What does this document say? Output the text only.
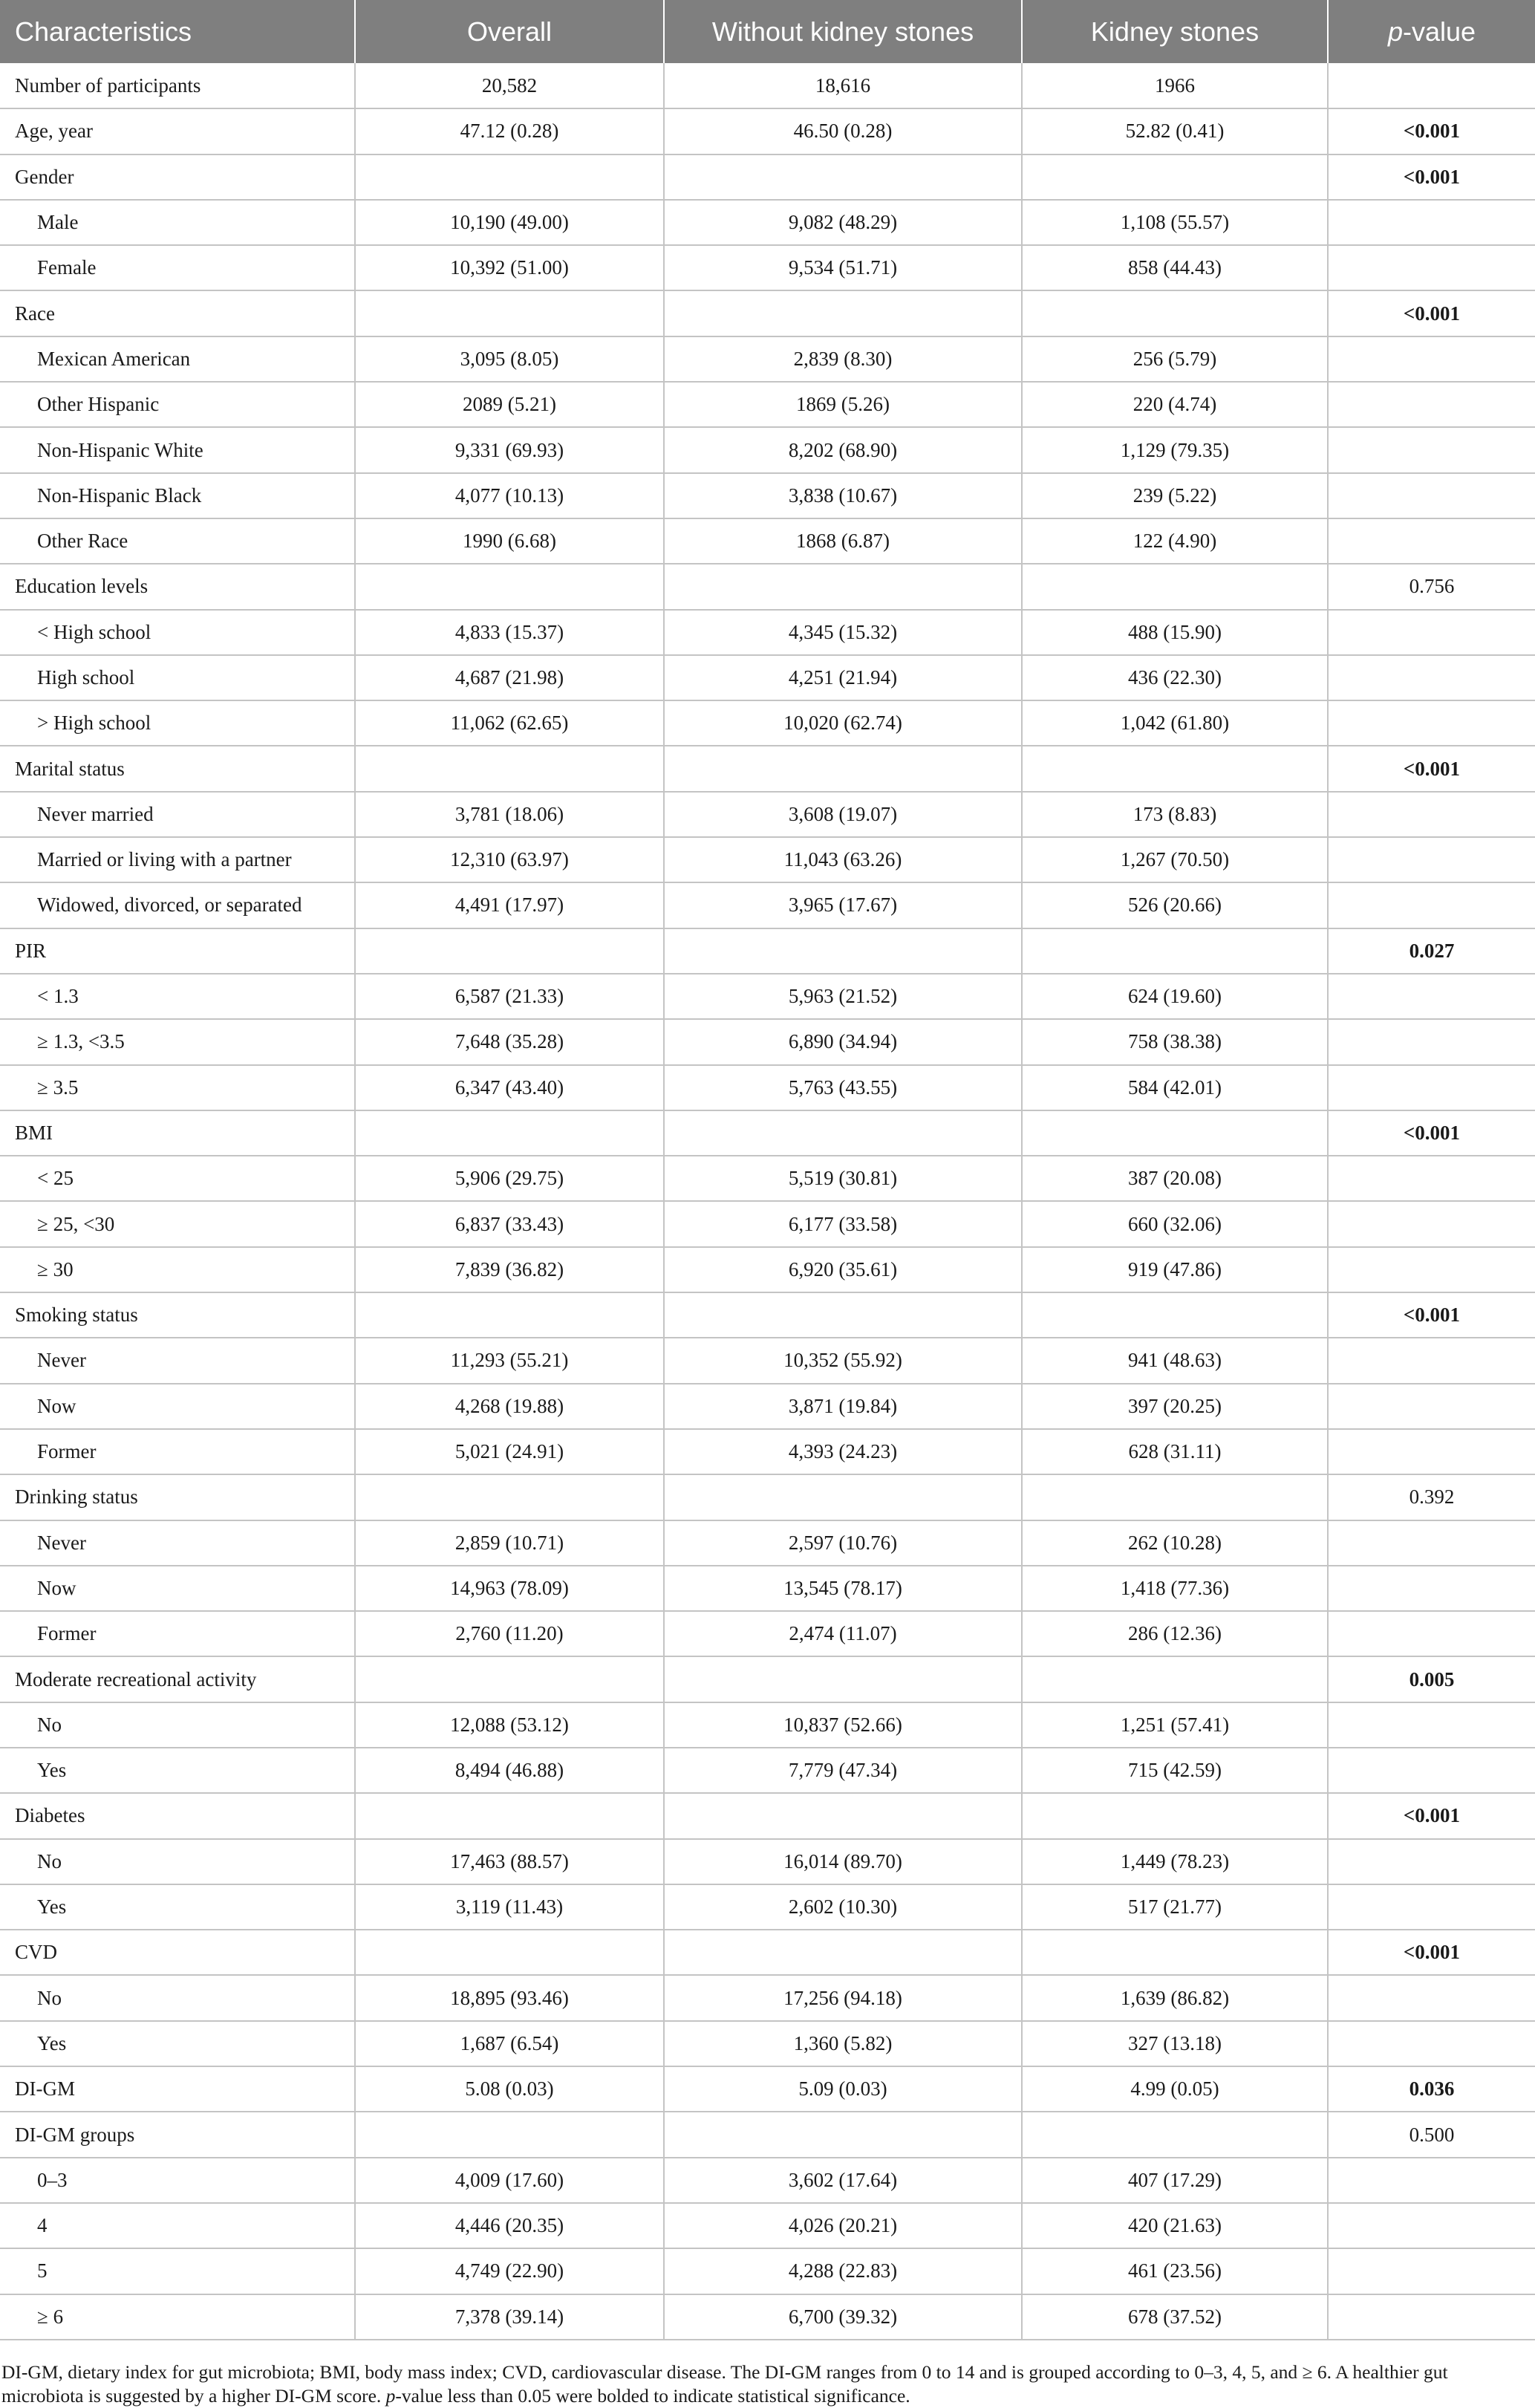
Characteristics	Overall	Without kidney stones	Kidney stones	p-value
Number of participants	20,582	18,616	1966	
Age, year	47.12 (0.28)	46.50 (0.28)	52.82 (0.41)	<0.001
Gender				<0.001
Male	10,190 (49.00)	9,082 (48.29)	1,108 (55.57)	
Female	10,392 (51.00)	9,534 (51.71)	858 (44.43)	
Race				<0.001
Mexican American	3,095 (8.05)	2,839 (8.30)	256 (5.79)	
Other Hispanic	2089 (5.21)	1869 (5.26)	220 (4.74)	
Non-Hispanic White	9,331 (69.93)	8,202 (68.90)	1,129 (79.35)	
Non-Hispanic Black	4,077 (10.13)	3,838 (10.67)	239 (5.22)	
Other Race	1990 (6.68)	1868 (6.87)	122 (4.90)	
Education levels				0.756
< High school	4,833 (15.37)	4,345 (15.32)	488 (15.90)	
High school	4,687 (21.98)	4,251 (21.94)	436 (22.30)	
> High school	11,062 (62.65)	10,020 (62.74)	1,042 (61.80)	
Marital status				<0.001
Never married	3,781 (18.06)	3,608 (19.07)	173 (8.83)	
Married or living with a partner	12,310 (63.97)	11,043 (63.26)	1,267 (70.50)	
Widowed, divorced, or separated	4,491 (17.97)	3,965 (17.67)	526 (20.66)	
PIR				0.027
< 1.3	6,587 (21.33)	5,963 (21.52)	624 (19.60)	
≥ 1.3, <3.5	7,648 (35.28)	6,890 (34.94)	758 (38.38)	
≥ 3.5	6,347 (43.40)	5,763 (43.55)	584 (42.01)	
BMI				<0.001
< 25	5,906 (29.75)	5,519 (30.81)	387 (20.08)	
≥ 25, <30	6,837 (33.43)	6,177 (33.58)	660 (32.06)	
≥ 30	7,839 (36.82)	6,920 (35.61)	919 (47.86)	
Smoking status				<0.001
Never	11,293 (55.21)	10,352 (55.92)	941 (48.63)	
Now	4,268 (19.88)	3,871 (19.84)	397 (20.25)	
Former	5,021 (24.91)	4,393 (24.23)	628 (31.11)	
Drinking status				0.392
Never	2,859 (10.71)	2,597 (10.76)	262 (10.28)	
Now	14,963 (78.09)	13,545 (78.17)	1,418 (77.36)	
Former	2,760 (11.20)	2,474 (11.07)	286 (12.36)	
Moderate recreational activity				0.005
No	12,088 (53.12)	10,837 (52.66)	1,251 (57.41)	
Yes	8,494 (46.88)	7,779 (47.34)	715 (42.59)	
Diabetes				<0.001
No	17,463 (88.57)	16,014 (89.70)	1,449 (78.23)	
Yes	3,119 (11.43)	2,602 (10.30)	517 (21.77)	
CVD				<0.001
No	18,895 (93.46)	17,256 (94.18)	1,639 (86.82)	
Yes	1,687 (6.54)	1,360 (5.82)	327 (13.18)	
DI-GM	5.08 (0.03)	5.09 (0.03)	4.99 (0.05)	0.036
DI-GM groups				0.500
0–3	4,009 (17.60)	3,602 (17.64)	407 (17.29)	
4	4,446 (20.35)	4,026 (20.21)	420 (21.63)	
5	4,749 (22.90)	4,288 (22.83)	461 (23.56)	
≥ 6	7,378 (39.14)	6,700 (39.32)	678 (37.52)	
DI-GM, dietary index for gut microbiota; BMI, body mass index; CVD, cardiovascular disease. The DI-GM ranges from 0 to 14 and is grouped according to 0–3, 4, 5, and ≥ 6. A healthier gut microbiota is suggested by a higher DI-GM score. p-value less than 0.05 were bolded to indicate statistical significance.
